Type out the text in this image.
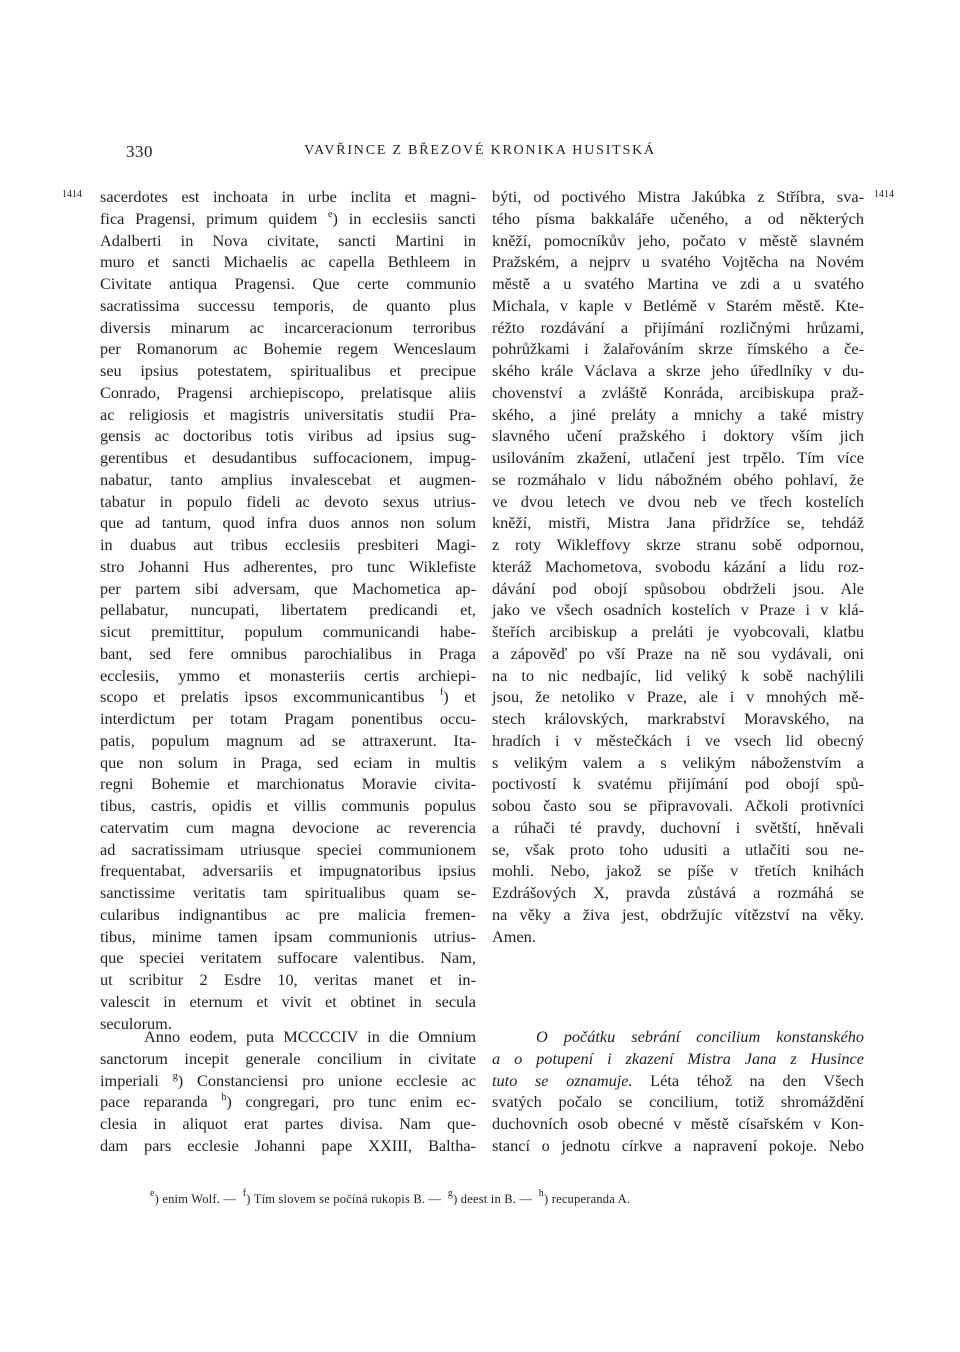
330	VAVŘINCE Z BŘEZOVÉ KRONIKA HUSITSKÁ
1414	1414
sacerdotes est inchoata in urbe inclita et magni-
fica Pragensi, primum quidem $^e$) in ecclesiis sancti
Adalberti in Nova civitate, sancti Martini in
muro et sancti Michaelis ac capella Bethleem in
Civitate antiqua Pragensi. Que certe communio
sacratissima successu temporis, de quanto plus
diversis minarum ac incarceracionum terroribus
per Romanorum ac Bohemie regem Wenceslaum
seu ipsius potestatem, spiritualibus et precipue
Conrado, Pragensi archiepiscopo, prelatisque aliis
ac religiosis et magistris universitatis studii Pra-
gensis ac doctoribus totis viribus ad ipsius sug-
gerentibus et desudantibus suffocacionem, impug-
nabatur, tanto amplius invalescebat et augmen-
tabatur in populo fideli ac devoto sexus utrius-
que ad tantum, quod infra duos annos non solum
in duabus aut tribus ecclesiis presbiteri Magi-
stro Johanni Hus adherentes, pro tunc Wiklefiste
per partem sibi adversam, que Machometica ap-
pellabatur, nuncupati, libertatem predicandi et,
sicut premittitur, populum communicandi habe-
bant, sed fere omnibus parochialibus in Praga
ecclesiis, ymmo et monasteriis certis archiepi-
scopo et prelatis ipsos excommunicantibus $^f$) et
interdictum per totam Pragam ponentibus occu-
patis, populum magnum ad se attraxerunt. Ita-
que non solum in Praga, sed eciam in multis
regni Bohemie et marchionatus Moravie civita-
tibus, castris, opidis et villis communis populus
catervatim cum magna devocione ac reverencia
ad sacratissimam utriusque speciei communionem
frequentabat, adversariis et impugnatoribus ipsius
sanctissime veritatis tam spiritualibus quam se-
cularibus indignantibus ac pre malicia fremen-
tibus, minime tamen ipsam communionis utrius-
que speciei veritatem suffocare valentibus. Nam,
ut scribitur 2 Esdre 10, veritas manet et in-
valescit in eternum et vivit et obtinet in secula
seculorum.
Anno eodem, puta MCCCCIV in die Omnium
sanctorum incepit generale concilium in civitate
imperiali $^g$) Constanciensi pro unione ecclesie ac
pace reparanda $^h$) congregari, pro tunc enim ec-
clesia in aliquot erat partes divisa. Nam que-
dam pars ecclesie Johanni pape XXIII, Baltha-
býti, od poctivého Mistra Jakúbka z Stříbra, sva-
tého písma bakkaláře učeného, a od některých
kněží, pomocníkův jeho, počato v městě slavném
Pražském, a nejprv u svatého Vojtěcha na Novém
městě a u svatého Martina ve zdi a u svatého
Michala, v kaple v Betlémě v Starém městě. Kte-
réžto rozdávání a přijímání rozličnými hrůzami,
pohrůžkami i žalařováním skrze římského a če-
ského krále Václava a skrze jeho úředlníky v du-
chovenství a zvláště Konráda, arcibiskupa praž-
ského, a jiné preláty a mnichy a také mistry
slavného učení pražského i doktory vším jich
usilováním zkažení, utlačení jest trpělo. Tím více
se rozmáhalo v lidu nábožném obého pohlaví, že
ve dvou letech ve dvou neb ve třech kostelích
kněží, mistři, Mistra Jana přidržíce se, tehdáž
z roty Wikleffovy skrze stranu sobě odpornou,
kteráž Machometova, svobodu kázání a lidu roz-
dávání pod obojí spůsobou obdrželi jsou. Ale
jako ve všech osadních kostelích v Praze i v klá-
šteřích arcibiskup a preláti je vyobcovali, klatbu
a zápověď po vší Praze na ně sou vydávali, oni
na to nic nedbajíc, lid veliký k sobě nachýlili
jsou, že netoliko v Praze, ale i v mnohých mě-
stech královských, markrabství Moravského, na
hradích i v městečkách i ve vsech lid obecný
s velikým valem a s velikým náboženstvím a
poctivostí k svatému přijímání pod obojí spů-
sobou často sou se připravovali. Ačkoli protivníci
a rúhači té pravdy, duchovní i světští, hněvali
se, však proto toho udusiti a utlačiti sou ne-
mohli. Nebo, jakož se píše v třetích knihách
Ezdrášových X, pravda zůstává a rozmáhá se
na věky a živa jest, obdržujíc vítězství na věky.
Amen.
O počátku sebrání concilium konstanského
a o potupení i zkazení Mistra Jana z Husince
tuto se oznamuje. Léta téhož na den Všech
svatých počalo se concilium, totiž shromáždění
duchovních osob obecné v městě císařském v Kon-
stancí o jednotu církve a napravení pokoje. Nebo
$^e$) enim Wolf. — $^f$) Tím slovem se počíná rukopis B. — $^g$) deest in B. — $^h$) recuperanda A.
